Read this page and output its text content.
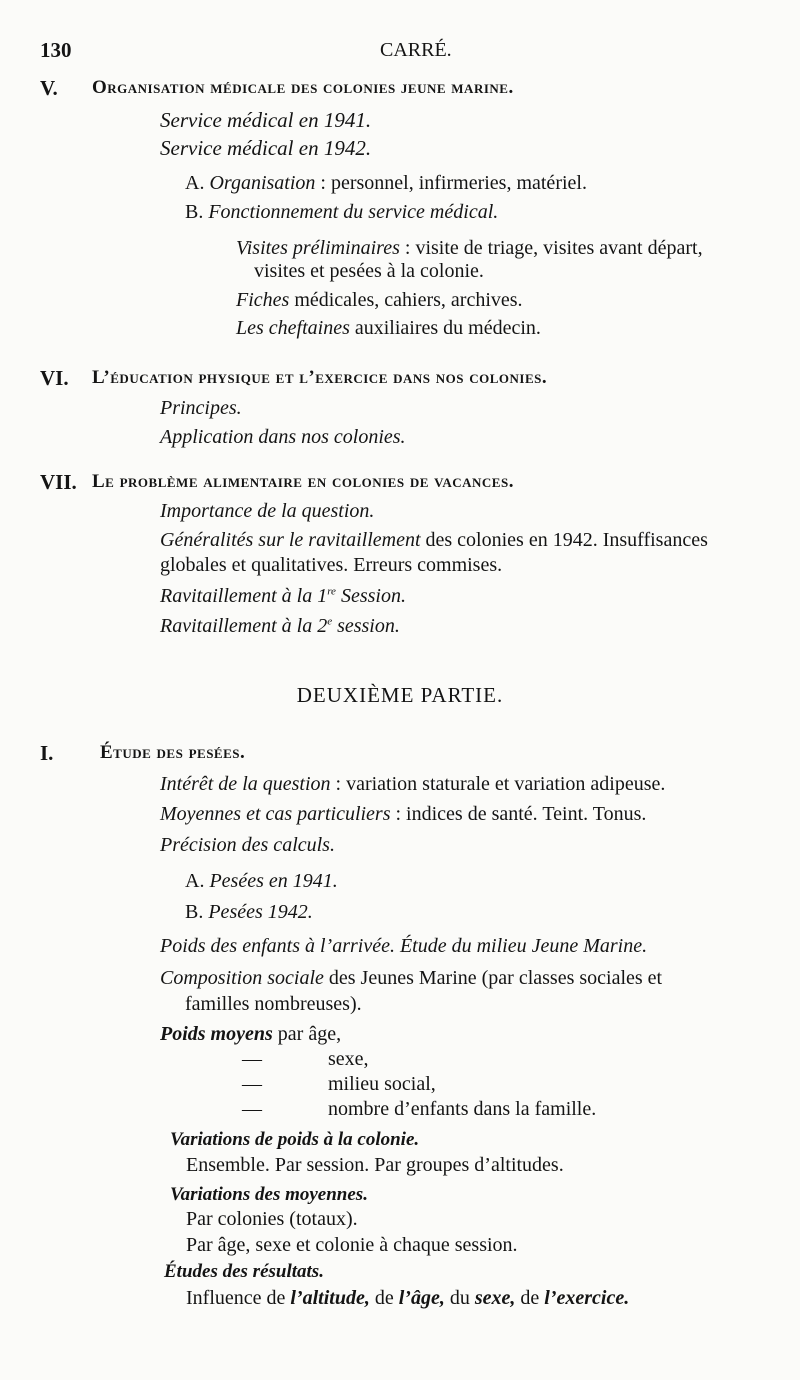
130	CARRÉ.
V. Organisation médicale des colonies jeune marine.
Service médical en 1941.
Service médical en 1942.
A. Organisation : personnel, infirmeries, matériel.
B. Fonctionnement du service médical.
Visites préliminaires : visite de triage, visites avant départ,
visites et pesées à la colonie.
Fiches médicales, cahiers, archives.
Les cheftaines auxiliaires du médecin.
VI. L’éducation physique et l’exercice dans nos colonies.
Principes.
Application dans nos colonies.
VII. Le problème alimentaire en colonies de vacances.
Importance de la question.
Généralités sur le ravitaillement des colonies en 1942. Insuffisances
globales et qualitatives. Erreurs commises.
Ravitaillement à la 1re Session.
Ravitaillement à la 2e session.
DEUXIÈME PARTIE.
I. Étude des pesées.
Intérêt de la question : variation staturale et variation adipeuse.
Moyennes et cas particuliers : indices de santé. Teint. Tonus.
Précision des calculs.
A. Pesées en 1941.
B. Pesées 1942.
Poids des enfants à l’arrivée. Étude du milieu Jeune Marine.
Composition sociale des Jeunes Marine (par classes sociales et
familles nombreuses).
Poids moyens par âge,
—	sexe,
—	milieu social,
—	nombre d’enfants dans la famille.
Variations de poids à la colonie.
Ensemble. Par session. Par groupes d’altitudes.
Variations des moyennes.
Par colonies (totaux).
Par âge, sexe et colonie à chaque session.
Études des résultats.
Influence de l’altitude, de l’âge, du sexe, de l’exercice.
